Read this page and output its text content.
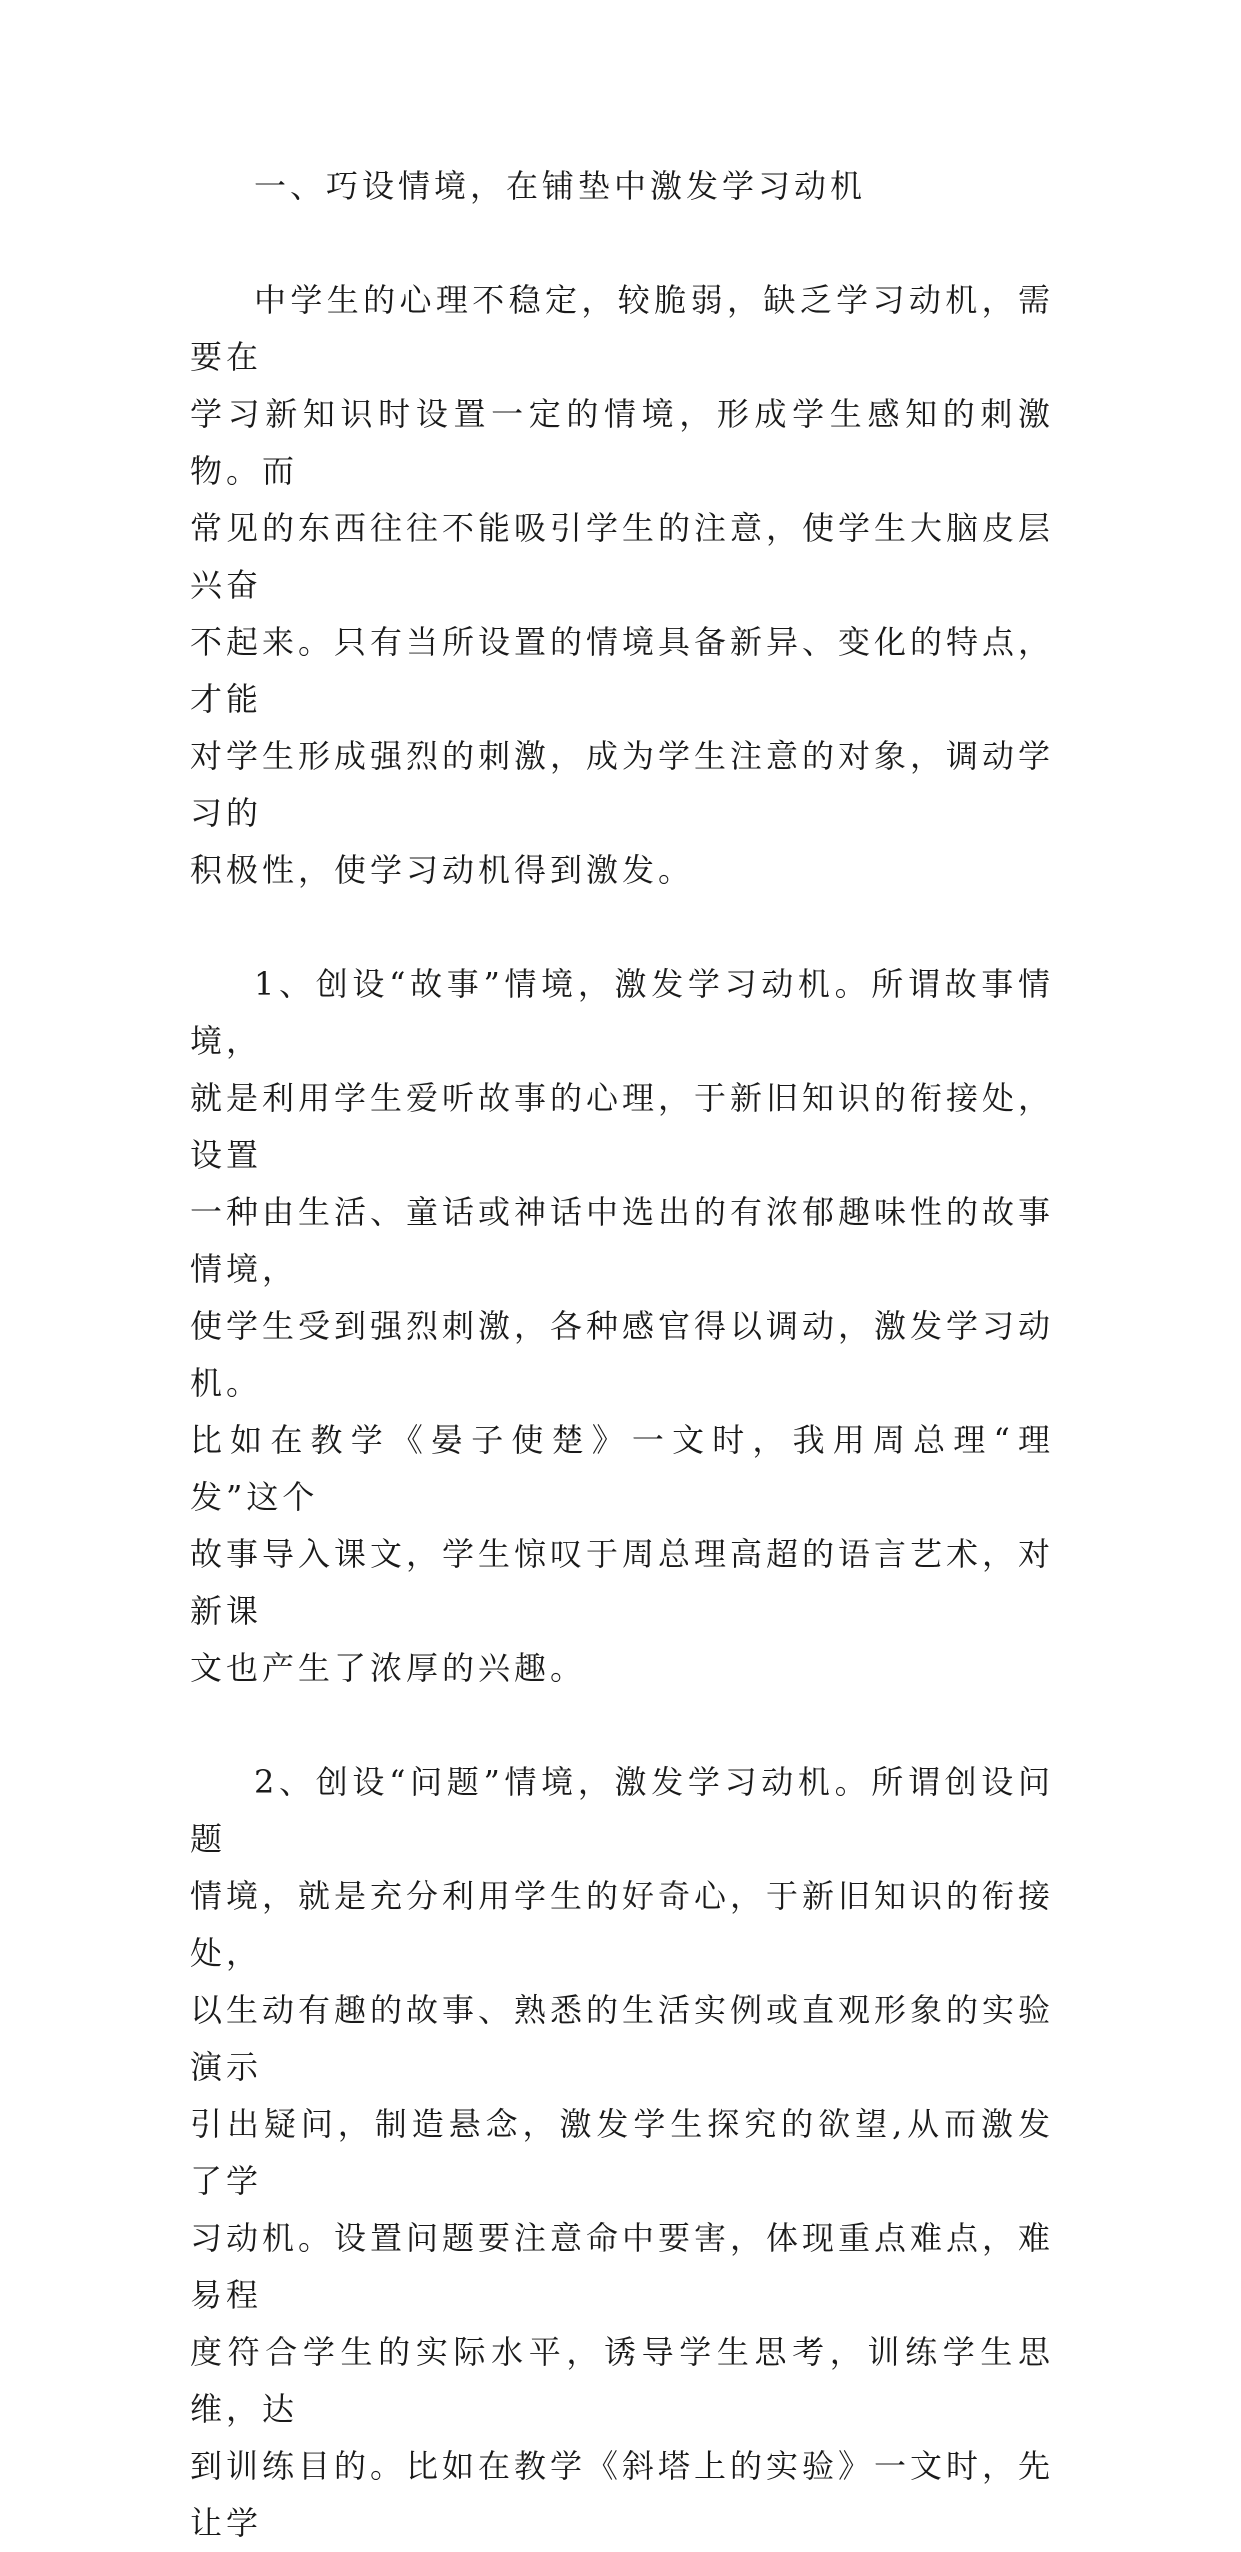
一、巧设情境，在铺垫中激发学习动机

中学生的心理不稳定，较脆弱，缺乏学习动机，需要在
学习新知识时设置一定的情境，形成学生感知的刺激物。而
常见的东西往往不能吸引学生的注意，使学生大脑皮层兴奋
不起来。只有当所设置的情境具备新异、变化的特点，才能
对学生形成强烈的刺激，成为学生注意的对象，调动学习的
积极性，使学习动机得到激发。

1、创设“故事”情境，激发学习动机。所谓故事情境，
就是利用学生爱听故事的心理，于新旧知识的衔接处，设置
一种由生活、童话或神话中选出的有浓郁趣味性的故事情境，
使学生受到强烈刺激，各种感官得以调动，激发学习动机。
比如在教学《晏子使楚》一文时，我用周总理“理发”这个
故事导入课文，学生惊叹于周总理高超的语言艺术，对新课
文也产生了浓厚的兴趣。

2、创设“问题”情境，激发学习动机。所谓创设问题
情境，就是充分利用学生的好奇心，于新旧知识的衔接处，
以生动有趣的故事、熟悉的生活实例或直观形象的实验演示
引出疑问，制造悬念，激发学生探究的欲望,从而激发了学
习动机。设置问题要注意命中要害，体现重点难点，难易程
度符合学生的实际水平，诱导学生思考，训练学生思维，达
到训练目的。比如在教学《斜塔上的实验》一文时，先让学
